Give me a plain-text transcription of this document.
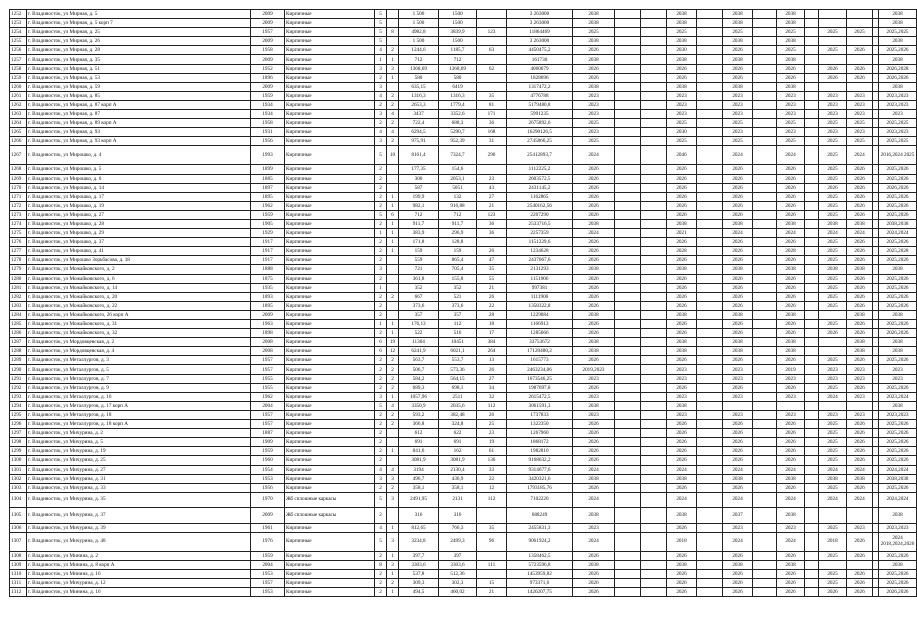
1252	г. Владивосток, ул Мирная, д. 5	2009	Кирпичные	5		1 500	1500		3 263000	2038			2038		2038		2038					2038
1253	г. Владивосток, ул Мирная, д. 5 корп 7	2009	Кирпичные	5		1 500	1500		3 263000	2038			2038		2038		2038					2038
1254	г. Владивосток, ул Мирная, д. 25	1957	Кирпичные	5	8	4982,8	3839,9	123	11864469	2025			2025		2025		2025		2025	2025		2025,2025
1255	г. Владивосток, ул Мирная, д. 26	2009	Кирпичные	5		1 500	1500		3 263000	2038			2038		2038		2038					2038
1256	г. Владивосток, ул Мирная, д. 28	1958	Кирпичные	4	2	1244,6	1185,7	63	4450475,2	2026			2030		2026		2025		2025	2026		2025,2026
1257	г. Владивосток, ул Мирная, д. 35	2009	Кирпичные	1	1	712	712		161730	2038			2038		2038		2038					2038
1258	г. Владивосток, ул Мирная, д. 51	1952	Кирпичные	3	3	1368,69	1368,69	62	4060679	2026			2026		2026		2026		2026	2026		2026,2028
1259	г. Владивосток, ул Мирная, д. 53	1896	Кирпичные	2	1	580	580		1828696	2026			2026		2026		2026		2026	2026		2026,2026
1260	г. Владивосток, ул Мирная, д. 59	2009	Кирпичные	3		635,15	6419		1317472,2	2038			2038		2038		2038					2038
1261	г. Владивосток, ул Мирная, д. 85	1959	Кирпичные	4	2	1316,3	1316,3	35	4776788	2023			2023		2023		2023		2023	2023		2023,2023
1262	г. Владивосток, ул Мирная, д. 87 корп А	1934	Кирпичные	2	2	2653,3	1779,4	81	5179480,8	2023			2023		2023		2023		2023	2023		2023,2023
1263	г. Владивосток, ул Мирная, д. 87	1934	Кирпичные	3	4	3437	3352,6	171	5991235	2023			2023		2023		2023		2023	2023		2023
1264	г. Владивосток, ул Мирная, д. 89 корп А	1958	Кирпичные	2	2	722,4	688,3	36	2675892,6	2025			2025		2025		2025		2025	2025		2025,2025
1265	г. Владивосток, ул Мирная, д. 93	1931	Кирпичные	4	4	6294,5	5290,7	168	16290126,5	2023			2030		2023		2023		2023	2023		2023,2023
1266	г. Владивосток, ул Мирная, д. 93 корп А	1956	Кирпичные	3	2	975,91	952,39	31	2745866,25	2025			2025		2025		2025		2025	2025		2025,2025
1267	г. Владивосток, ул Мирошко, д. 4	1993	Кирпичные	5	10	8161,4	7324,7	290	25412893,7	2024			2046		2024		2024		2025	2024		2016,2024 2025
1268	г. Владивосток, ул Мирошко, д. 5	1899	Кирпичные	2		177,35	154,6		1112225,2	2026			2026		2026		2026		2025	2026		2025,2026
1269	г. Владивосток, ул Мирошко, д. 6	1885	Кирпичные	2		300	2053,1	23	2603572,5	2026			2026		2026		2026		2025	2026		2025,2026
1270	г. Владивосток, ул Мирошко, д. 14	1897	Кирпичные	2		587	5051	43	2431145,2	2026			2026		2026		2026		2026	2026		2026,2026
1271	г. Владивосток, ул Мирошко, д. 17	1895	Кирпичные	2	1	199,9	132	27	1162865	2026			2026		2026		2026		2025	2026		2025,2026
1272	г. Владивосток, ул Мирошко, д. 19	1962	Кирпичные	2	1	982,1	916,88	21	2540162,56	2026			2026		2026		2026		2025	2026		2025,2026
1273	г. Владивосток, ул Мирошко, д. 27	1959	Кирпичные	5	6	712	712	123	2207290	2026			2026		2026		2026		2025	2026		2025,2026
1274	г. Владивосток, ул Мирошко, д. 28	1905	Кирпичные	2	1	911,7	911,7	36	2533716,5	2038			2038		2038		2038		2038	2038		2038,2038
1275	г. Владивосток, ул Мирошко, д. 29	1929	Кирпичные	1	1	383,9	296,9	36	2257359	2024			2021		2024		2024		2024	2024		2024,2024
1276	г. Владивосток, ул Мирошко, д. 37	1917	Кирпичные	2	1	171,8	128,8		1151229,6	2026			2026		2026		2026		2025	2026		2025,2026
1277	г. Владивосток, ул Мирошко, д. 41	1917	Кирпичные	2	1	159	159	26	1234628	2026			2028		2026		2028		2025	2026		2025,2028
1278	г. Владивосток, ул Мирошко Зорьбасова, д. 18	1917	Кирпичные	2		559	865,4	47	2437067,6	2026			2026		2026		2026		2025	2026		2025,2026
1279	г. Владивосток, ул Можайковского, д. 2	1888	Кирпичные	3		721	705,4	35	2131293	2038			2038		2038		2038		2038	2038		2038
1280	г. Владивосток, ул Можайковского, д. 6	1875	Кирпичные	2		361,8	155,8	55	1151906	2026			2026		2026		2026		2025	2026		2025,2026
1281	г. Владивосток, ул Можайковского, д. 14	1935	Кирпичные	1		352	352	21	997381	2026			2026		2026		2026		2025	2026		2025,2026
1282	г. Владивосток, ул Можайковского, д. 20	1893	Кирпичные	2	2	667	521	26	1111906	2026			2026		2026		2026		2025	2026		2025,2026
1283	г. Владивосток, ул Можайковского, д. 22	1895	Кирпичные	2		373,6	373,6	22	1358322,8	2026			2026		2026		2026		2025	2026		2025,2026
1284	г. Владивосток, ул Можайковского, 26 корп А	2009	Кирпичные	2		357	357	28	1229084	2038			2038		2038		2038			2038		2038
1285	г. Владивосток, ул Можайковского, д. 31	1963	Кирпичные	1	1	176,13	112	18	1166913	2026			2026		2026		2026		2025	2026		2025,2026
1286	г. Владивосток, ул Можайковского, д. 32	1898	Кирпичные	2	1	522	516	17	1285666	2026			2026		2026		2026		2026	2026		2026,2026
1287	г. Владивосток, ул Мордовцевская, д. 2	2008	Кирпичные	6	19	11304	10451	384	33753672	2038			2038		2038		2038			2038		2038
1288	г. Владивосток, ул Мордовцевская, д. 4	2008	Кирпичные	6	12	6241,9	6021,1	264	17120480,2	2038			2038		2038		2038			2038		2038
1289	г. Владивосток, ул Металлургов, д. 3	1957	Кирпичные	2	2	563,7	553,7	13	1615773	2026			2026		2026		2026		2025	2026		2025,2026
1290	г. Владивосток, ул Металлургов, д. 5	1957	Кирпичные	2	2	506,7	573,36	26	2463234,06	2019,2023			2023		2023		2019		2023	2023		2023
1291	г. Владивосток, ул Металлургов, д. 7	1955	Кирпичные	2	2	584,2	564,15	27	1673546,25	2023			2023		2023		2023		2023	2023		2023
1292	г. Владивосток, ул Металлургов, д. 9	1955	Кирпичные	2	2	689,3	698,1	34	1987697,8	2026			2026		2026		2026		2025	2026		2025,2026
1293	г. Владивосток, ул Металлургов, д. 16	1962	Кирпичные	3	1	1057,96	2511	32	2615472,5	2023			2023		2023		2023		2024	2023		2023,2024
1294	г. Владивосток, ул Металлургов, д. 17 корп А	2004	Кирпичные	5	4	3350,9	2035,6	112	3061591,3	2038			2038									2038
1295	г. Владивосток, ул Металлургов, д. 18	1957	Кирпичные	2	2	593,2	382,48	26	1737833	2023			2023		2023		2023		2023	2023		2023,2023
1296	г. Владивосток, ул Металлургов, д. 18 корп А	1957	Кирпичные	2	2	366,8	324,8	25	1322350	2026			2026		2026		2026		2025	2026		2025,2026
1297	г. Владивосток, ул Мичурина, д. 2	1887	Кирпичные	2		612	622	23	1267960	2026			2026		2026		2026		2025	2026		2025,2026
1298	г. Владивосток, ул Мичурина, д. 5	1909	Кирпичные	2		691	691	19	1868172	2026			2026		2026		2026		2025	2026		2025,2026
1299	г. Владивосток, ул Мичурина, д. 19	1959	Кирпичные	2	1	841,6	162	61	1982810	2026			2026		2026		2026		2025	2026		2025,2026
1300	г. Владивосток, ул Мичурина, д. 25	1960	Кирпичные	2		3081,9	3081,9	136	9168632,2	2026			2026		2026		2026		2025	2026		2025,2026
1301	г. Владивосток, ул Мичурина, д. 27	1954	Кирпичные	4	4	3194	2130,4	33	9314677,6	2024			2024		2024		2024		2024	2024		2024,2024
1302	г. Владивосток, ул Мичурина, д. 31	1953	Кирпичные	3	3	496,7	436,9	22	3420321,6	2038			2038		2038		2038		2038	2038		2038,2038
1303	г. Владивосток, ул Мичурина, д. 33	1956	Кирпичные	2	2	358,1	358,1	12	1793185,76	2026			2026		2026		2026		2025	2026		2025,2026
1304	г. Владивосток, ул Мичурина, д. 35	1970	Жб сплошные каркасы	5	3	2491,95	2131	112	7102220	2024			2024		2024		2024		2024	2024		2024,2024
1305	г. Владивосток, ул Мичурина, д. 37	2009	Жб сплошные каркасы	2		316	316		688249	2038			2038		2037		2038					2038
1306	г. Владивосток, ул Мичурина, д. 39	1961	Кирпичные	4	1	812,65	766,3	35	2455831,3	2023			2026		2023		2023		2025	2023		2023,2023
1307	г. Владивосток, ул Мичурина, д. 48	1976	Кирпичные	5	3	3234,8	2499,3	96	9061924,2	2024			2018		2024		2024		2018	2026		2024 2018,2024,2026
1308	г. Владивосток, ул Минина, д. 2	1959	Кирпичные	2	1	397,7	397		1358462,5	2026			2026		2026		2026		2025	2026		2025,2026
1309	г. Владивосток, ул Минина, д. 8 корп А	2004	Кирпичные	8	3	3303,6	3303,6	111	5723596,8	2038			2038		2038		2038					2038
1310	г. Владивосток, ул Минина, д. 16	1953	Кирпичные	2	1	537,8	512,36		1453959,82	2026			2026		2026		2026		2025	2026		2025,2026
1311	г. Владивосток, ул Мичурина, д. 12	1957	Кирпичные	2	2	309,3	302,3	15	973371,6	2026			2026		2026		2026		2025	2026		2025,2026
1312	г. Владивосток, ул Минина, д. 16	1953	Кирпичные	2	1	494,5	460,02	21	1426207,75	2026			2026		2026		2026		2026	2026		2026,2026
